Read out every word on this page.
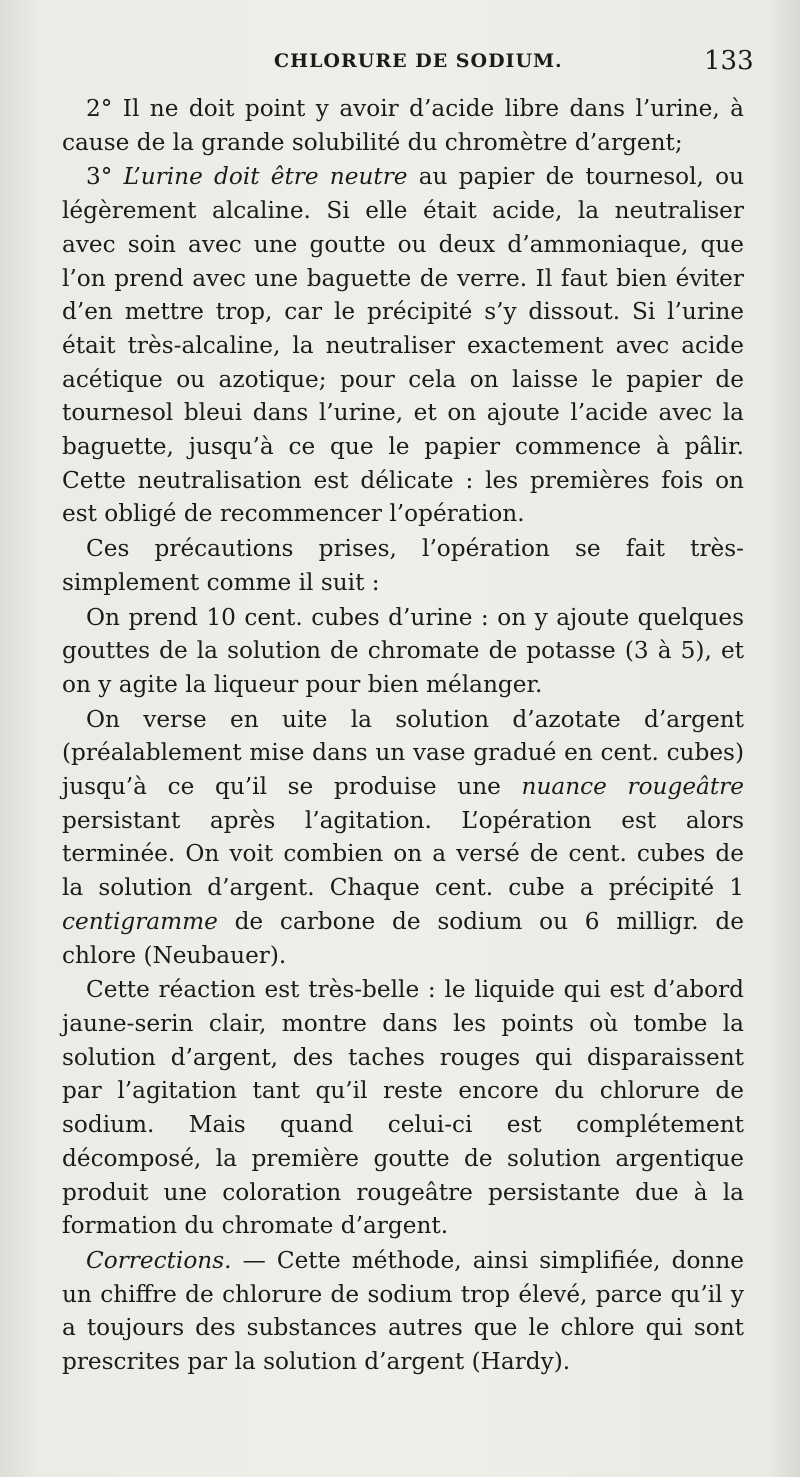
CHLORURE DE SODIUM.	133

2° Il ne doit point y avoir d’acide libre dans l’urine, à cause de la grande solubilité du chromètre d’argent;

3° L’urine doit être neutre au papier de tournesol, ou légèrement alcaline. Si elle était acide, la neutraliser avec soin avec une goutte ou deux d’ammoniaque, que l’on prend avec une baguette de verre. Il faut bien éviter d’en mettre trop, car le précipité s’y dissout. Si l’urine était très-alcaline, la neutraliser exactement avec acide acétique ou azotique; pour cela on laisse le papier de tournesol bleui dans l’urine, et on ajoute l’acide avec la baguette, jusqu’à ce que le papier commence à pâlir. Cette neutralisation est délicate : les premières fois on est obligé de recommencer l’opération.

Ces précautions prises, l’opération se fait très-simplement comme il suit :

On prend 10 cent. cubes d’urine : on y ajoute quelques gouttes de la solution de chromate de potasse (3 à 5), et on y agite la liqueur pour bien mélanger.

On verse en uite la solution d’azotate d’argent (préalablement mise dans un vase gradué en cent. cubes) jusqu’à ce qu’il se produise une nuance rougeâtre persistant après l’agitation. L’opération est alors terminée. On voit combien on a versé de cent. cubes de la solution d’argent. Chaque cent. cube a précipité 1 centigramme de carbone de sodium ou 6 milligr. de chlore (Neubauer).

Cette réaction est très-belle : le liquide qui est d’abord jaune-serin clair, montre dans les points où tombe la solution d’argent, des taches rouges qui disparaissent par l’agitation tant qu’il reste encore du chlorure de sodium. Mais quand celui-ci est complétement décomposé, la première goutte de solution argentique produit une coloration rougeâtre persistante due à la formation du chromate d’argent.

Corrections. — Cette méthode, ainsi simplifiée, donne un chiffre de chlorure de sodium trop élevé, parce qu’il y a toujours des substances autres que le chlore qui sont prescrites par la solution d’argent (Hardy).
